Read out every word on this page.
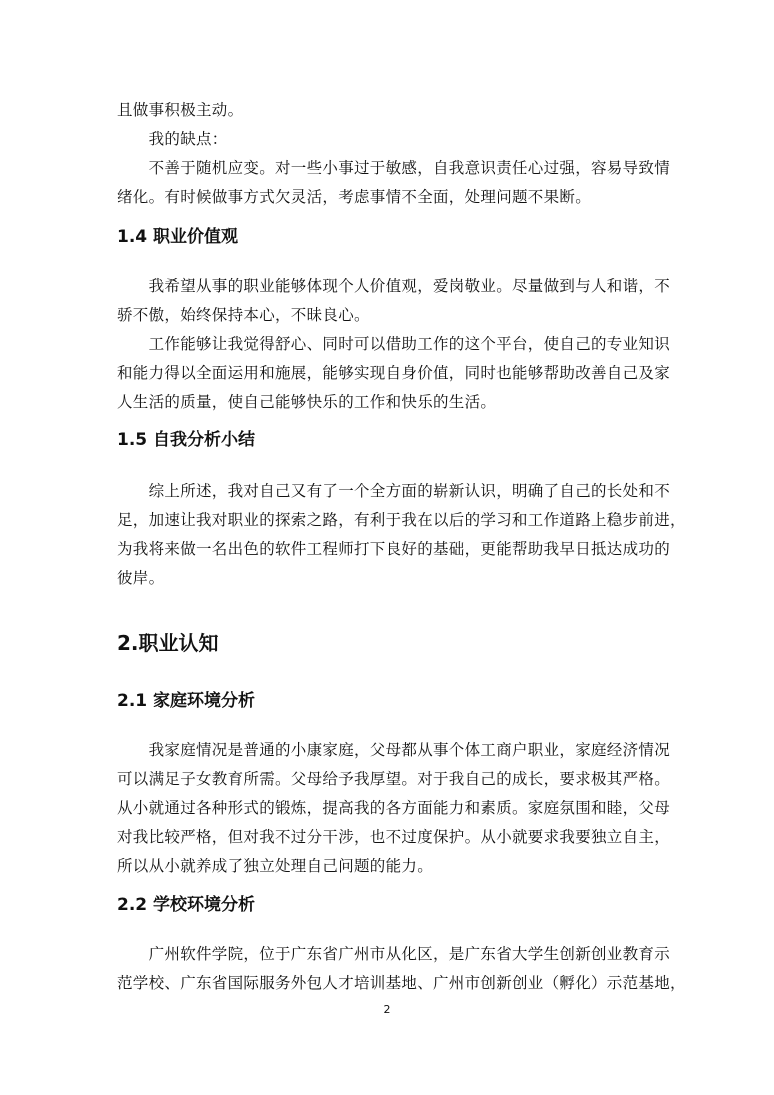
且做事积极主动。
　　我的缺点：
　　不善于随机应变。对一些小事过于敏感，自我意识责任心过强，容易导致情
绪化。有时候做事方式欠灵活，考虑事情不全面，处理问题不果断。

1.4 职业价值观

　　我希望从事的职业能够体现个人价值观，爱岗敬业。尽量做到与人和谐，不
骄不傲，始终保持本心，不昧良心。
　　工作能够让我觉得舒心、同时可以借助工作的这个平台，使自己的专业知识
和能力得以全面运用和施展，能够实现自身价值，同时也能够帮助改善自己及家
人生活的质量，使自己能够快乐的工作和快乐的生活。

1.5 自我分析小结

　　综上所述，我对自己又有了一个全方面的崭新认识，明确了自己的长处和不
足，加速让我对职业的探索之路，有利于我在以后的学习和工作道路上稳步前进，
为我将来做一名出色的软件工程师打下良好的基础，更能帮助我早日抵达成功的
彼岸。

2.职业认知
2.1 家庭环境分析

　　我家庭情况是普通的小康家庭，父母都从事个体工商户职业，家庭经济情况
可以满足子女教育所需。父母给予我厚望。对于我自己的成长，要求极其严格。
从小就通过各种形式的锻炼，提高我的各方面能力和素质。家庭氛围和睦，父母
对我比较严格，但对我不过分干涉，也不过度保护。从小就要求我要独立自主，
所以从小就养成了独立处理自己问题的能力。

2.2 学校环境分析

　　广州软件学院，位于广东省广州市从化区，是广东省大学生创新创业教育示
范学校、广东省国际服务外包人才培训基地、广州市创新创业（孵化）示范基地，

2
